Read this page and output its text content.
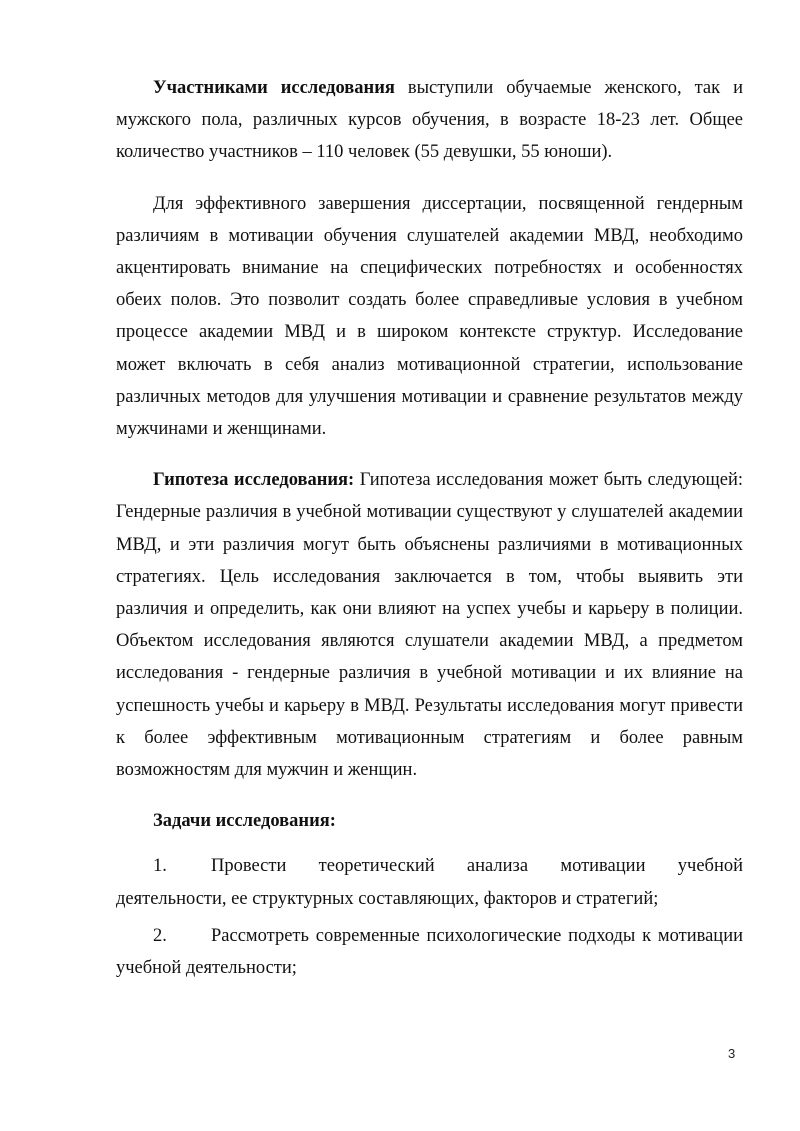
Участниками исследования выступили обучаемые женского, так и мужского пола, различных курсов обучения, в возрасте 18-23 лет. Общее количество участников – 110 человек (55 девушки, 55 юноши).

Для эффективного завершения диссертации, посвященной гендерным различиям в мотивации обучения слушателей академии МВД, необходимо акцентировать внимание на специфических потребностях и особенностях обеих полов. Это позволит создать более справедливые условия в учебном процессе академии МВД и в широком контексте структур. Исследование может включать в себя анализ мотивационной стратегии, использование различных методов для улучшения мотивации и сравнение результатов между мужчинами и женщинами.

Гипотеза исследования: Гипотеза исследования может быть следующей: Гендерные различия в учебной мотивации существуют у слушателей академии МВД, и эти различия могут быть объяснены различиями в мотивационных стратегиях. Цель исследования заключается в том, чтобы выявить эти различия и определить, как они влияют на успех учебы и карьеру в полиции. Объектом исследования являются слушатели академии МВД, а предметом исследования - гендерные различия в учебной мотивации и их влияние на успешность учебы и карьеру в МВД. Результаты исследования могут привести к более эффективным мотивационным стратегиям и более равным возможностям для мужчин и женщин.

Задачи исследования:

1. Провести теоретический анализа мотивации учебной деятельности, ее структурных составляющих, факторов и стратегий;

2. Рассмотреть современные психологические подходы к мотивации учебной деятельности;

3
